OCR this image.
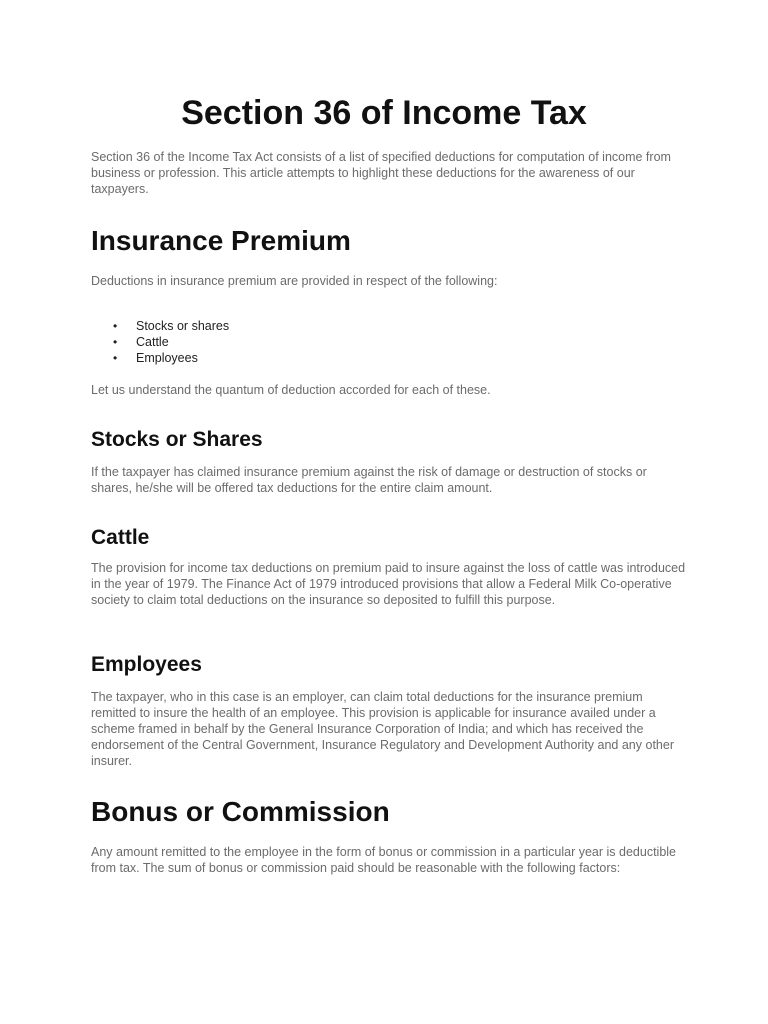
Section 36 of Income Tax

Section 36 of the Income Tax Act consists of a list of specified deductions for computation of income from business or profession. This article attempts to highlight these deductions for the awareness of our taxpayers.

Insurance Premium

Deductions in insurance premium are provided in respect of the following:

• Stocks or shares
• Cattle
• Employees

Let us understand the quantum of deduction accorded for each of these.

Stocks or Shares

If the taxpayer has claimed insurance premium against the risk of damage or destruction of stocks or shares, he/she will be offered tax deductions for the entire claim amount.

Cattle

The provision for income tax deductions on premium paid to insure against the loss of cattle was introduced in the year of 1979. The Finance Act of 1979 introduced provisions that allow a Federal Milk Co-operative society to claim total deductions on the insurance so deposited to fulfill this purpose.

Employees

The taxpayer, who in this case is an employer, can claim total deductions for the insurance premium remitted to insure the health of an employee. This provision is applicable for insurance availed under a scheme framed in behalf by the General Insurance Corporation of India; and which has received the endorsement of the Central Government, Insurance Regulatory and Development Authority and any other insurer.

Bonus or Commission

Any amount remitted to the employee in the form of bonus or commission in a particular year is deductible from tax. The sum of bonus or commission paid should be reasonable with the following factors:
